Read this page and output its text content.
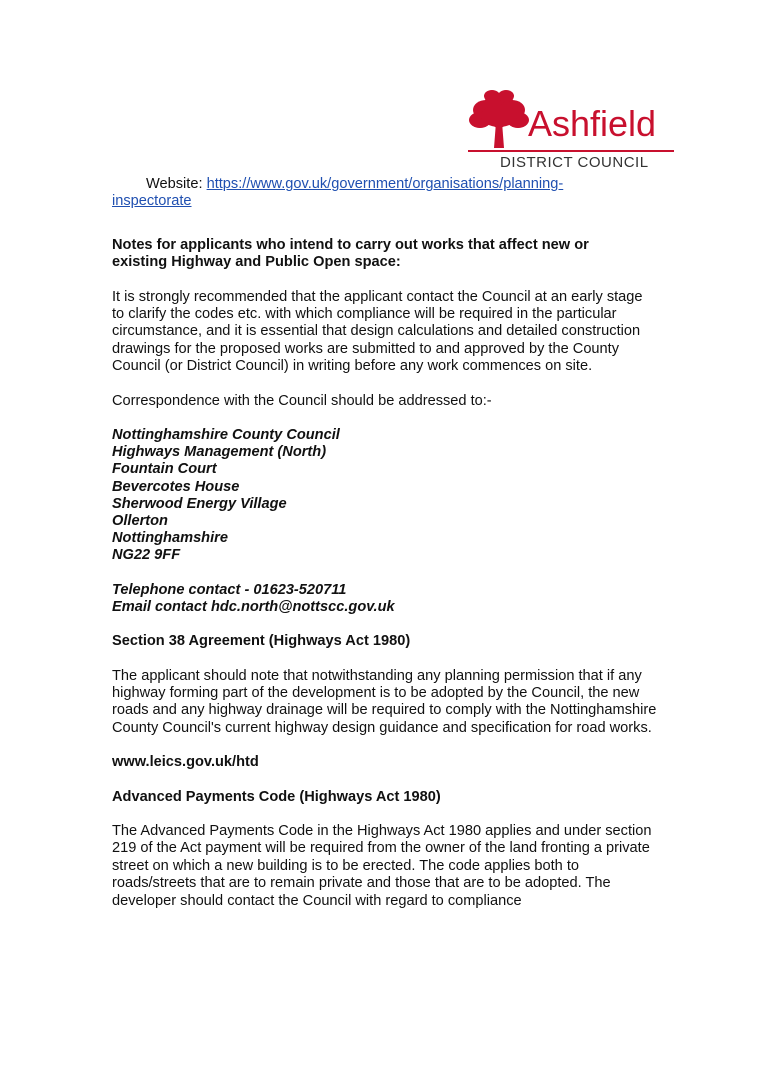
Ashfield
DISTRICT COUNCIL
Website: https://www.gov.uk/government/organisations/planning-
inspectorate

Notes for applicants who intend to carry out works that affect new or
existing Highway and Public Open space:

It is strongly recommended that the applicant contact the Council at an early stage to clarify the codes etc. with which compliance will be required in the particular circumstance, and it is essential that design calculations and detailed construction drawings for the proposed works are submitted to and approved by the County Council (or District Council) in writing before any work commences on site.

Correspondence with the Council should be addressed to:-

Nottinghamshire County Council
Highways Management (North)
Fountain Court
Bevercotes House
Sherwood Energy Village
Ollerton
Nottinghamshire
NG22 9FF
Telephone contact - 01623-520711
Email contact hdc.north@nottscc.gov.uk

Section 38 Agreement (Highways Act 1980)

The applicant should note that notwithstanding any planning permission that if any highway forming part of the development is to be adopted by the Council, the new roads and any highway drainage will be required to comply with the Nottinghamshire County Council's current highway design guidance and specification for road works.

www.leics.gov.uk/htd

Advanced Payments Code (Highways Act 1980)

The Advanced Payments Code in the Highways Act 1980 applies and under section 219 of the Act payment will be required from the owner of the land fronting a private street on which a new building is to be erected. The code applies both to roads/streets that are to remain private and those that are to be adopted. The developer should contact the Council with regard to compliance
